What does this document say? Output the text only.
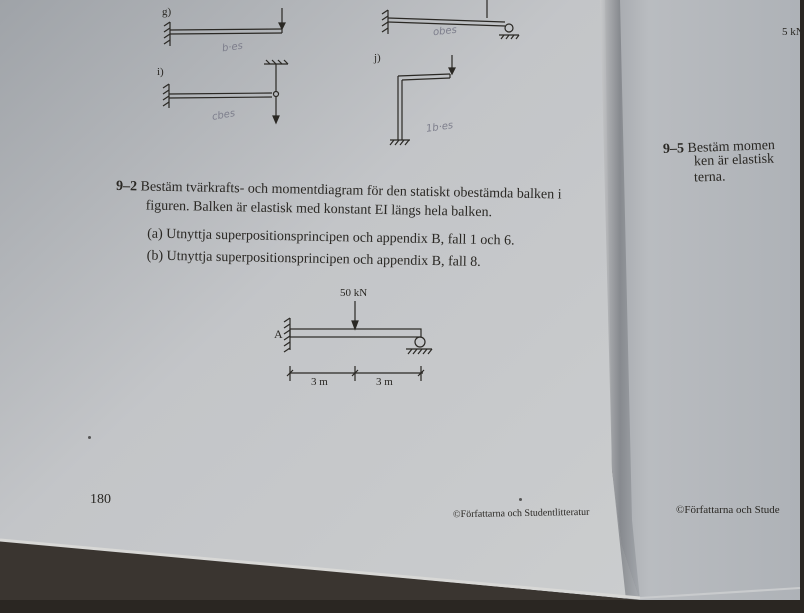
g)
i)
j)
b·es
cbes
obes
1b·es
9–2 Bestäm tvärkrafts- och momentdiagram för den statiskt obestämda balken i
figuren. Balken är elastisk med konstant EI längs hela balken.
(a) Utnyttja superpositionsprincipen och appendix B, fall 1 och 6.
(b) Utnyttja superpositionsprincipen och appendix B, fall 8.
50 kN
A
3 m	3 m
180
©Författarna och Studentlitteratur
5 kN
9–5 Bestäm momen
ken är elastisk
terna.
©Författarna och Stude
